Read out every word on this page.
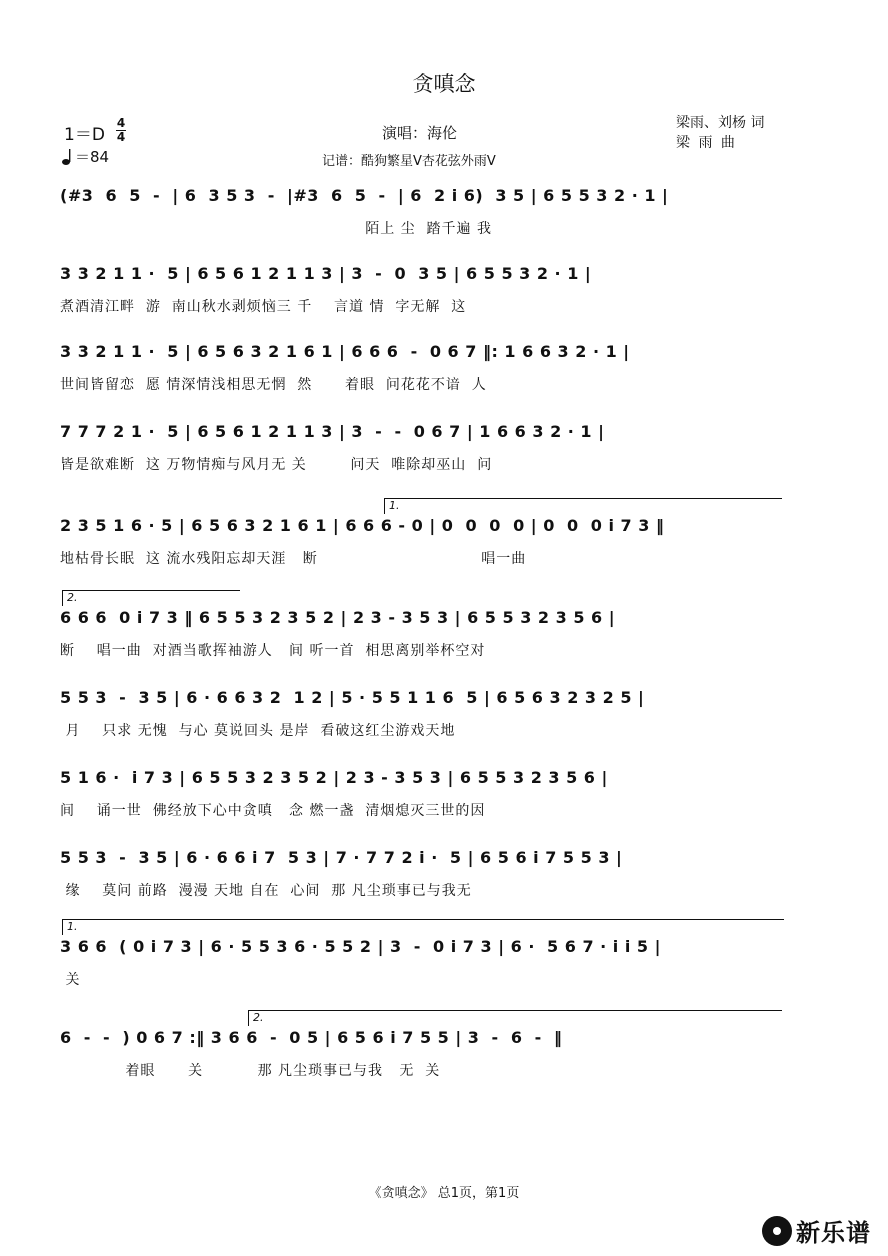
贪嗔念
1＝D
4
4
＝84
演唱：海伦
记谱：酷狗繁星V杏花弦外雨V
梁雨、刘杨 词
梁 雨 曲
(#3  6  5  -  | 6  3 5 3  -  |#3  6  5  -  | 6  2 i 6)  3 5 | 6 5 5 3 2 · 1 |
陌上 尘  踏千遍 我
3 3 2 1 1 ·  5 | 6 5 6 1 2 1 1 3 | 3  -  0  3 5 | 6 5 5 3 2 · 1 |
煮酒清江畔  游  南山秋水剥烦恼三 千    言道 情  字无解  这
3 3 2 1 1 ·  5 | 6 5 6 3 2 1 6 1 | 6 6 6  -  0 6 7 ‖: 1 6 6 3 2 · 1 |
世间皆留恋  愿 情深情浅相思无惘  然      着眼  问花花不谙  人
7 7 7 2 1 ·  5 | 6 5 6 1 2 1 1 3 | 3  -  -  0 6 7 | 1 6 6 3 2 · 1 |
皆是欲难断  这 万物情痴与风月无 关        问天  唯除却巫山  问
1.
2 3 5 1 6 · 5 | 6 5 6 3 2 1 6 1 | 6 6 6 - 0 | 0  0  0  0 | 0  0  0 i 7 3 ‖
地枯骨长眠  这 流水残阳忘却天涯   断                              唱一曲
2.
6 6 6  0 i 7 3 ‖ 6 5 5 3 2 3 5 2 | 2 3 - 3 5 3 | 6 5 5 3 2 3 5 6 |
断    唱一曲  对酒当歌挥袖游人   间 听一首  相思离别举杯空对
5 5 3  -  3 5 | 6 · 6 6 3 2  1 2 | 5 · 5 5 1 1 6  5 | 6 5 6 3 2 3 2 5 |
月    只求 无愧  与心 莫说回头 是岸  看破这红尘游戏天地
5 1 6 ·  i 7 3 | 6 5 5 3 2 3 5 2 | 2 3 - 3 5 3 | 6 5 5 3 2 3 5 6 |
间    诵一世  佛经放下心中贪嗔   念 燃一盏  清烟熄灭三世的因
5 5 3  -  3 5 | 6 · 6 6 i 7  5 3 | 7 · 7 7 2 i ·  5 | 6 5 6 i 7 5 5 3 |
缘    莫问 前路  漫漫 天地 自在  心间  那 凡尘琐事已与我无
1.
3 6 6  ( 0 i 7 3 | 6 · 5 5 3 6 · 5 5 2 | 3  -  0 i 7 3 | 6 ·  5 6 7 · i i 5 |
关
2.
6  -  -  ) 0 6 7 :‖ 3 6 6  -  0 5 | 6 5 6 i 7 5 5 | 3  -  6  -  ‖
着眼      关          那 凡尘琐事已与我   无  关
《贪嗔念》 总1页，第1页
新乐谱
